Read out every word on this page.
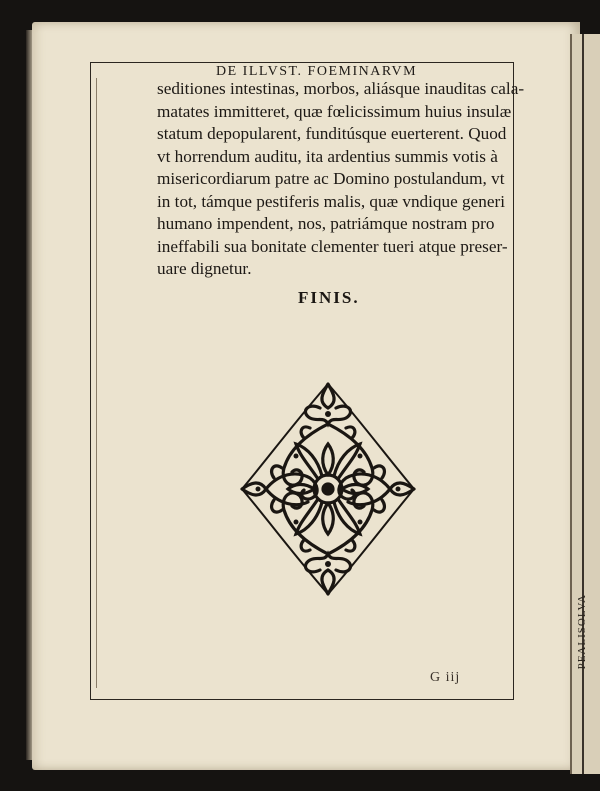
PEALISOLVA
DE ILLVST. FOEMINARVM
seditiones intestinas, morbos, aliásque inauditas cala-
matates immitteret, quæ fœlicissimum huius insulæ
statum depopularent, funditúsque euerterent. Quod
vt horrendum auditu, ita ardentius summis votis à
misericordiarum patre ac Domino postulandum, vt
in tot, támque pestiferis malis, quæ vndique generi
humano impendent, nos, patriámque nostram pro
ineffabili sua bonitate clementer tueri atque preser-
uare dignetur.
FINIS.
G iij
